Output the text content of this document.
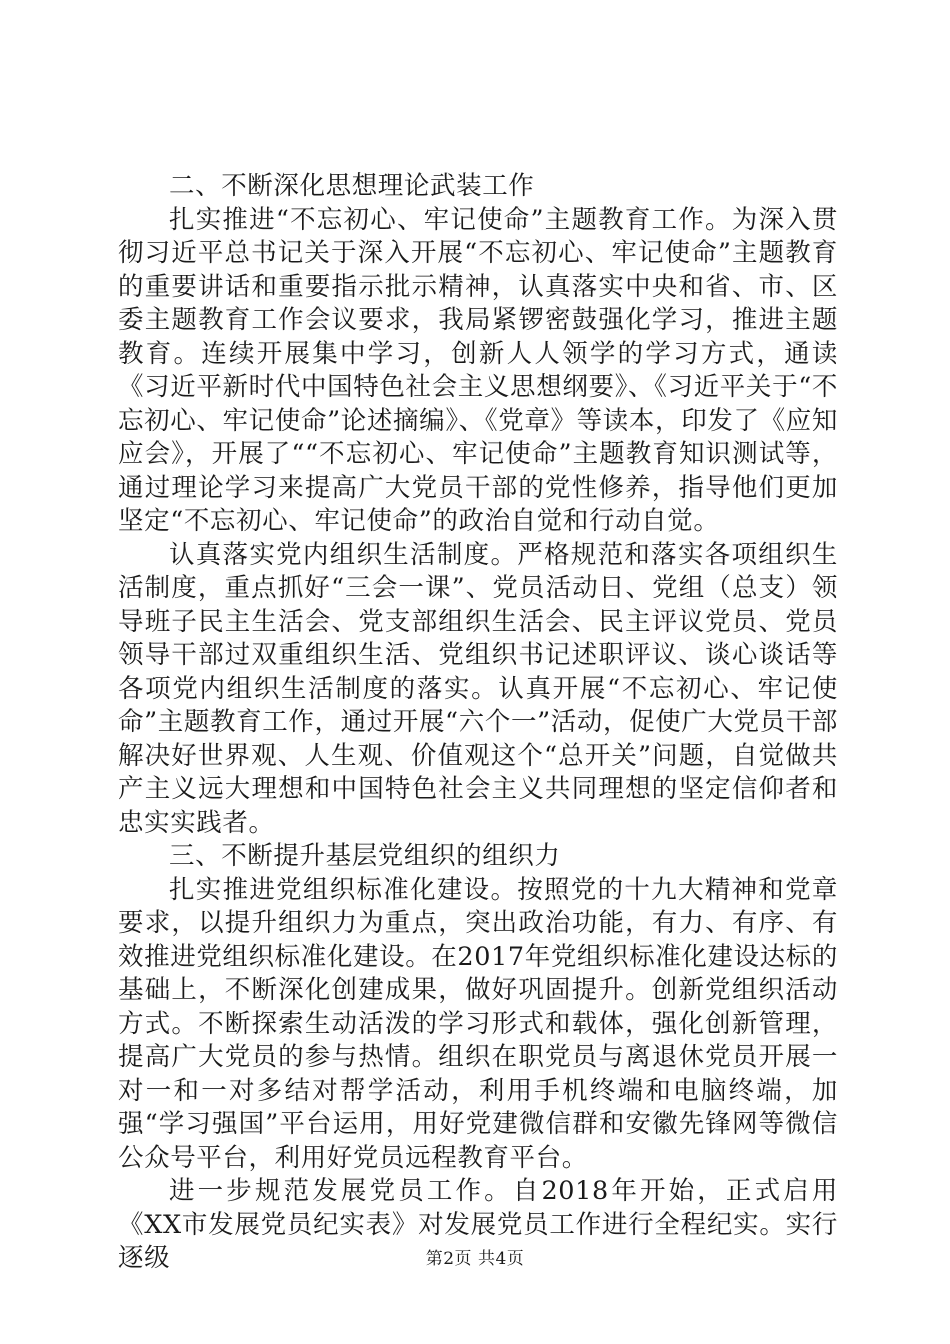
二、不断深化思想理论武装工作

扎实推进“不忘初心、牢记使命”主题教育工作。为深入贯彻习近平总书记关于深入开展“不忘初心、牢记使命”主题教育的重要讲话和重要指示批示精神，认真落实中央和省、市、区委主题教育工作会议要求，我局紧锣密鼓强化学习，推进主题教育。连续开展集中学习，创新人人领学的学习方式，通读《习近平新时代中国特色社会主义思想纲要》、《习近平关于“不忘初心、牢记使命”论述摘编》、《党章》等读本，印发了《应知应会》，开展了““不忘初心、牢记使命”主题教育知识测试等，通过理论学习来提高广大党员干部的党性修养，指导他们更加坚定“不忘初心、牢记使命”的政治自觉和行动自觉。

认真落实党内组织生活制度。严格规范和落实各项组织生活制度，重点抓好“三会一课”、党员活动日、党组（总支）领导班子民主生活会、党支部组织生活会、民主评议党员、党员领导干部过双重组织生活、党组织书记述职评议、谈心谈话等各项党内组织生活制度的落实。认真开展“不忘初心、牢记使命”主题教育工作，通过开展“六个一”活动，促使广大党员干部解决好世界观、人生观、价值观这个“总开关”问题，自觉做共产主义远大理想和中国特色社会主义共同理想的坚定信仰者和忠实实践者。

三、不断提升基层党组织的组织力

扎实推进党组织标准化建设。按照党的十九大精神和党章要求，以提升组织力为重点，突出政治功能，有力、有序、有效推进党组织标准化建设。在2017年党组织标准化建设达标的基础上，不断深化创建成果，做好巩固提升。创新党组织活动方式。不断探索生动活泼的学习形式和载体，强化创新管理，提高广大党员的参与热情。组织在职党员与离退休党员开展一对一和一对多结对帮学活动，利用手机终端和电脑终端，加强“学习强国”平台运用，用好党建微信群和安徽先锋网等微信公众号平台，利用好党员远程教育平台。

进一步规范发展党员工作。自2018年开始，正式启用《XX市发展党员纪实表》对发展党员工作进行全程纪实。实行逐级	第2页 共4页
